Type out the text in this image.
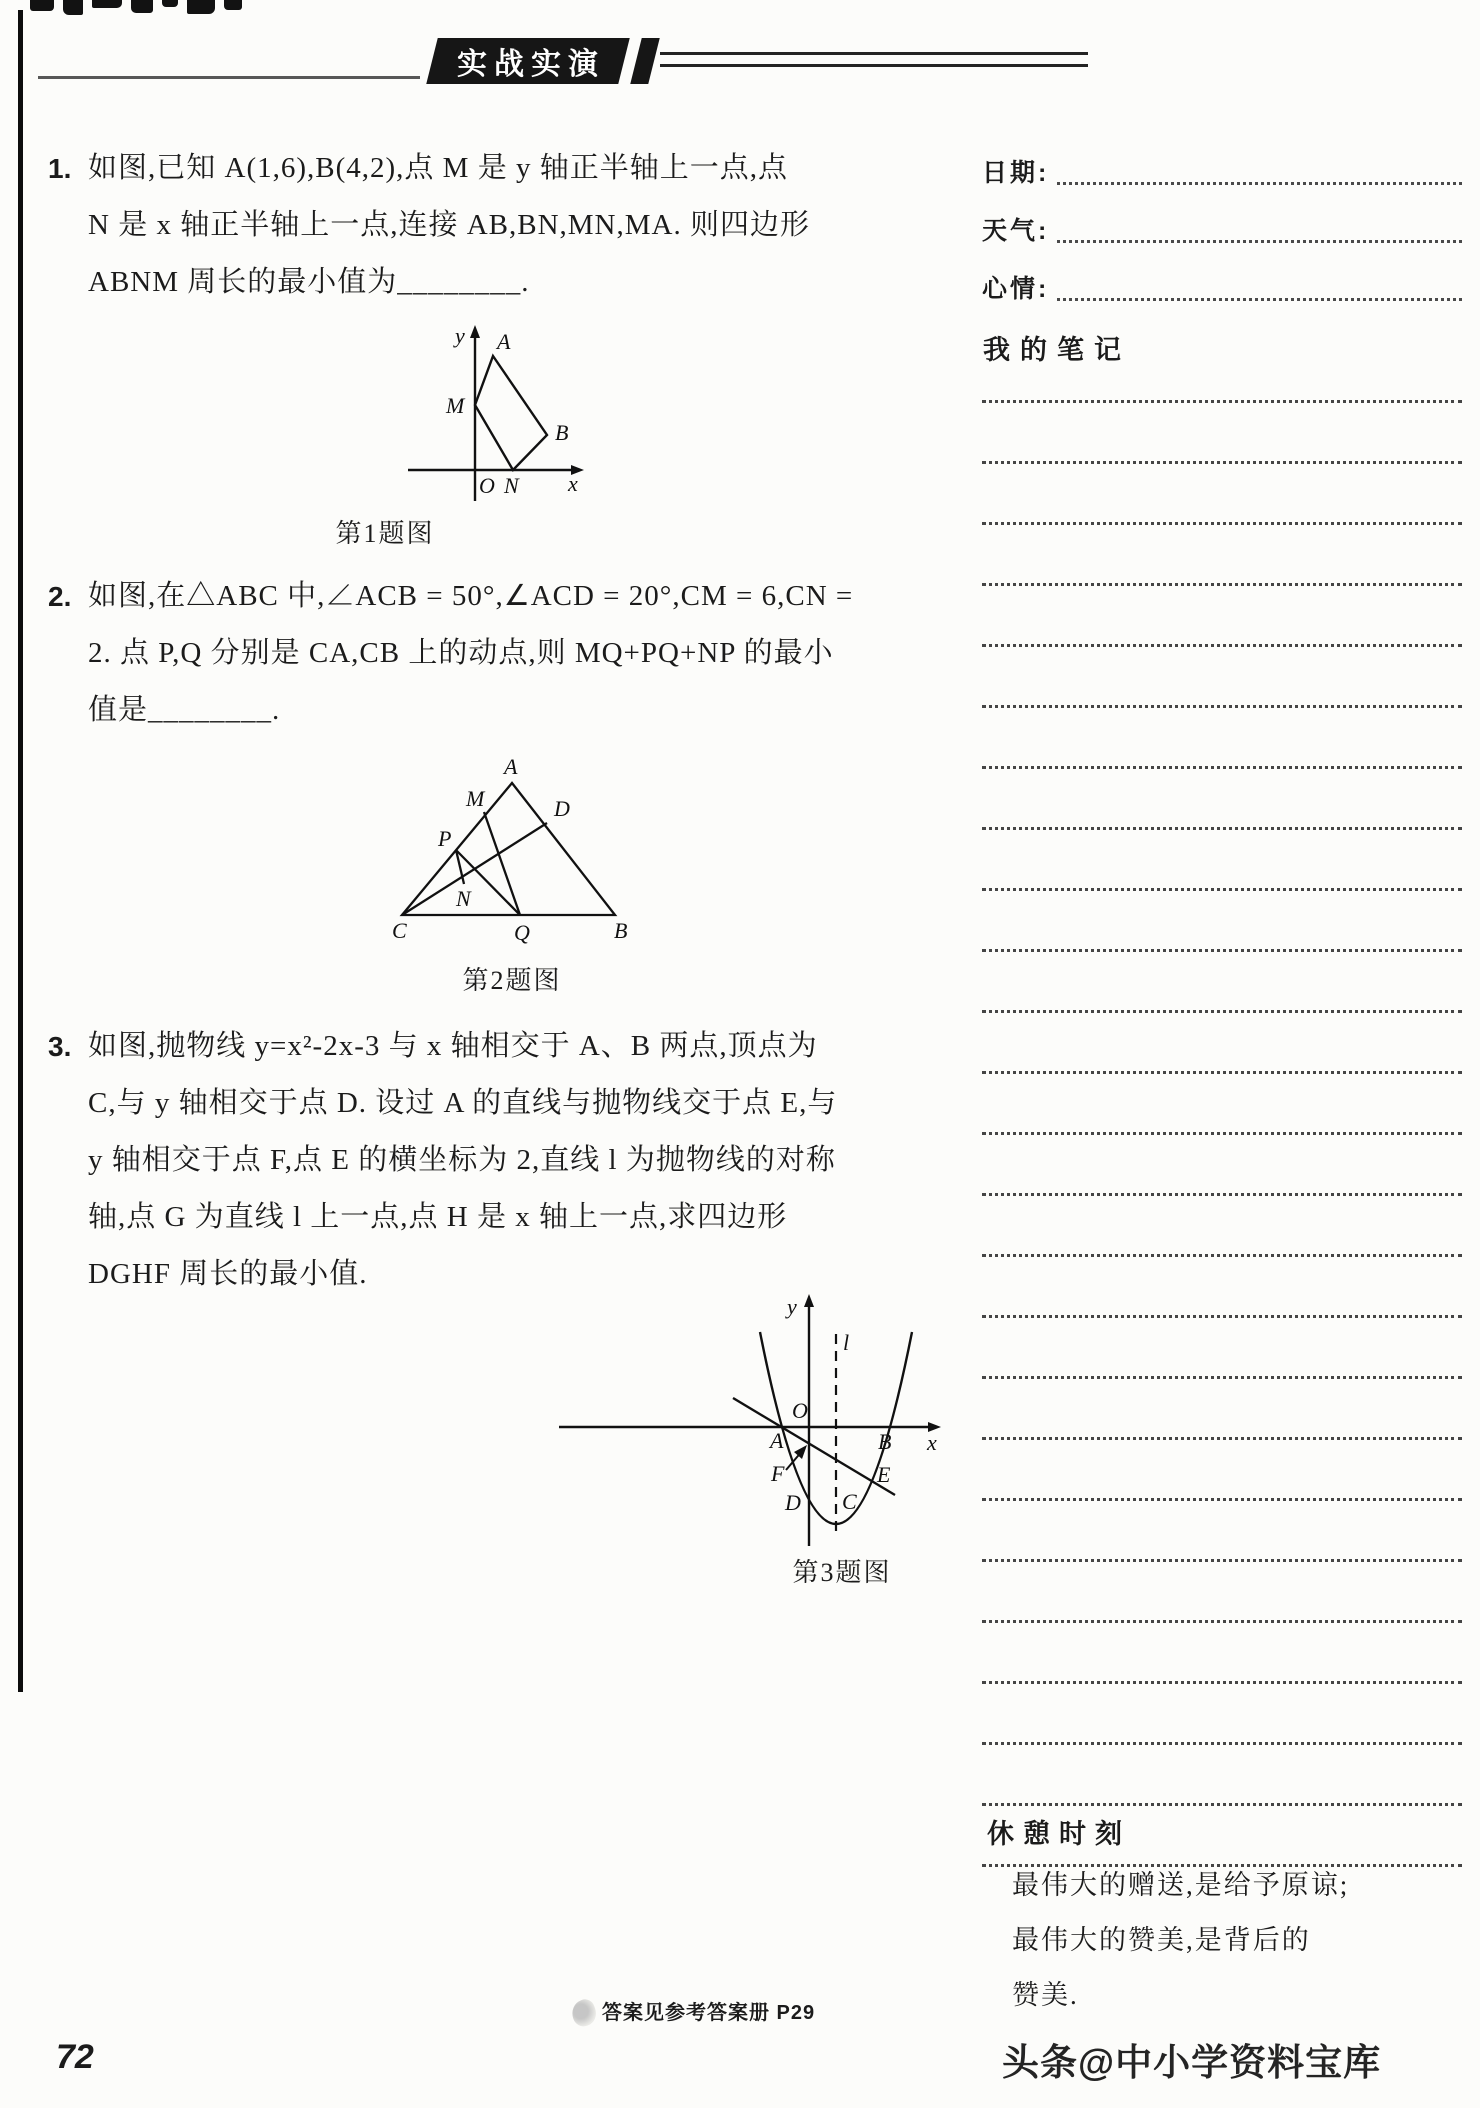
实战实演
1. 如图,已知 A(1,6),B(4,2),点 M 是 y 轴正半轴上一点,点
N 是 x 轴正半轴上一点,连接 AB,BN,MN,MA. 则四边形
ABNM 周长的最小值为________.
y A
M
B
O N x
第1题图
2. 如图,在△ABC 中,∠ACB = 50°,∠ACD = 20°,CM = 6,CN =
2. 点 P,Q 分别是 CA,CB 上的动点,则 MQ+PQ+NP 的最小
值是________.
A
M	D
P
N
C	Q	B
第2题图
3. 如图,抛物线 y=x²-2x-3 与 x 轴相交于 A、B 两点,顶点为
C,与 y 轴相交于点 D. 设过 A 的直线与抛物线交于点 E,与
y 轴相交于点 F,点 E 的横坐标为 2,直线 l 为抛物线的对称
轴,点 G 为直线 l 上一点,点 H 是 x 轴上一点,求四边形
DGHF 周长的最小值.
y
l
O
A	B x
F	E
D C
第3题图
日期:
天气:
心情:
我的笔记
休憩时刻
最伟大的赠送,是给予原谅;
最伟大的赞美,是背后的
赞美.
答案见参考答案册 P29
72	头条@中小学资料宝库
